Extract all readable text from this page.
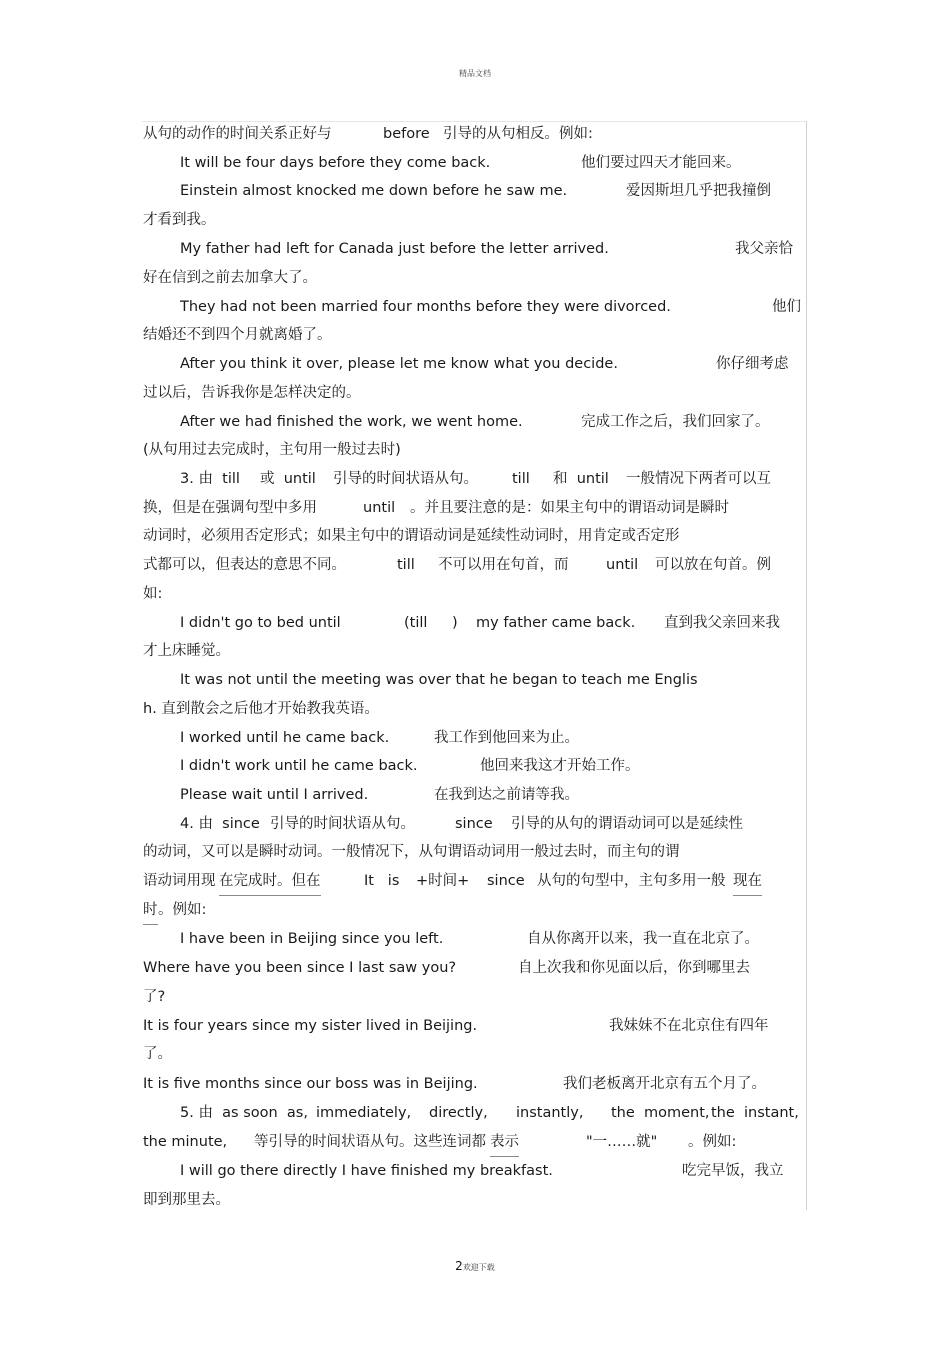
精品文档
从句的动作的时间关系正好与	before 引导的从句相反。例如:
It will be four days before they come back.	他们要过四天才能回来。
Einstein almost knocked me down before he saw me.	爱因斯坦几乎把我撞倒
才看到我。
My father had left for Canada just before the letter arrived.	我父亲恰
好在信到之前去加拿大了。
They had not been married four months before they were divorced.	他们
结婚还不到四个月就离婚了。
After you think it over, please let me know what you decide.	你仔细考虑
过以后，告诉我你是怎样决定的。
After we had finished the work, we went home.	完成工作之后，我们回家了。
(从句用过去完成时，主句用一般过去时)
3. 由  till 或  until 引导的时间状语从句。 till 和  until 一般情况下两者可以互
换，但是在强调句型中多用	until 。并且要注意的是：如果主句中的谓语动词是瞬时
动词时，必须用否定形式；如果主句中的谓语动词是延续性动词时，用肯定或否定形
式都可以，但表达的意思不同。	till 不可以用在句首，而	until 可以放在句首。例
如:
I didn't go to bed until	(till ) my father came back. 直到我父亲回来我
才上床睡觉。
It was not until the meeting was over that he began to teach me Englis
h. 直到散会之后他才开始教我英语。
I worked until he came back.	我工作到他回来为止。
I didn't work until he came back.	他回来我这才开始工作。
Please wait until I arrived.	在我到达之前请等我。
4. 由  since 引导的时间状语从句。	since 引导的从句的谓语动词可以是延续性
的动词，又可以是瞬时动词。一般情况下，从句谓语动词用一般过去时，而主句的谓
语动词用现 在完成时。但在	It   is +时间+ since 从句的句型中，主句多用一般 现在
时 。例如:
I have been in Beijing since you left.	自从你离开以来，我一直在北京了。
Where have you been since I last saw you?	自上次我和你见面以后，你到哪里去
了?
It is four years since my sister lived in Beijing.	我妹妹不在北京住有四年
了。
It is five months since our boss was in Beijing.	我们老板离开北京有五个月了。
5. 由  as soon  as, immediately, directly, instantly, the  moment, the  instant,
the minute, 等引导的时间状语从句。这些连词都 表示	"一……就" 。例如:
I will go there directly I have finished my breakfast.	吃完早饭，我立
即到那里去。
2欢迎下载
